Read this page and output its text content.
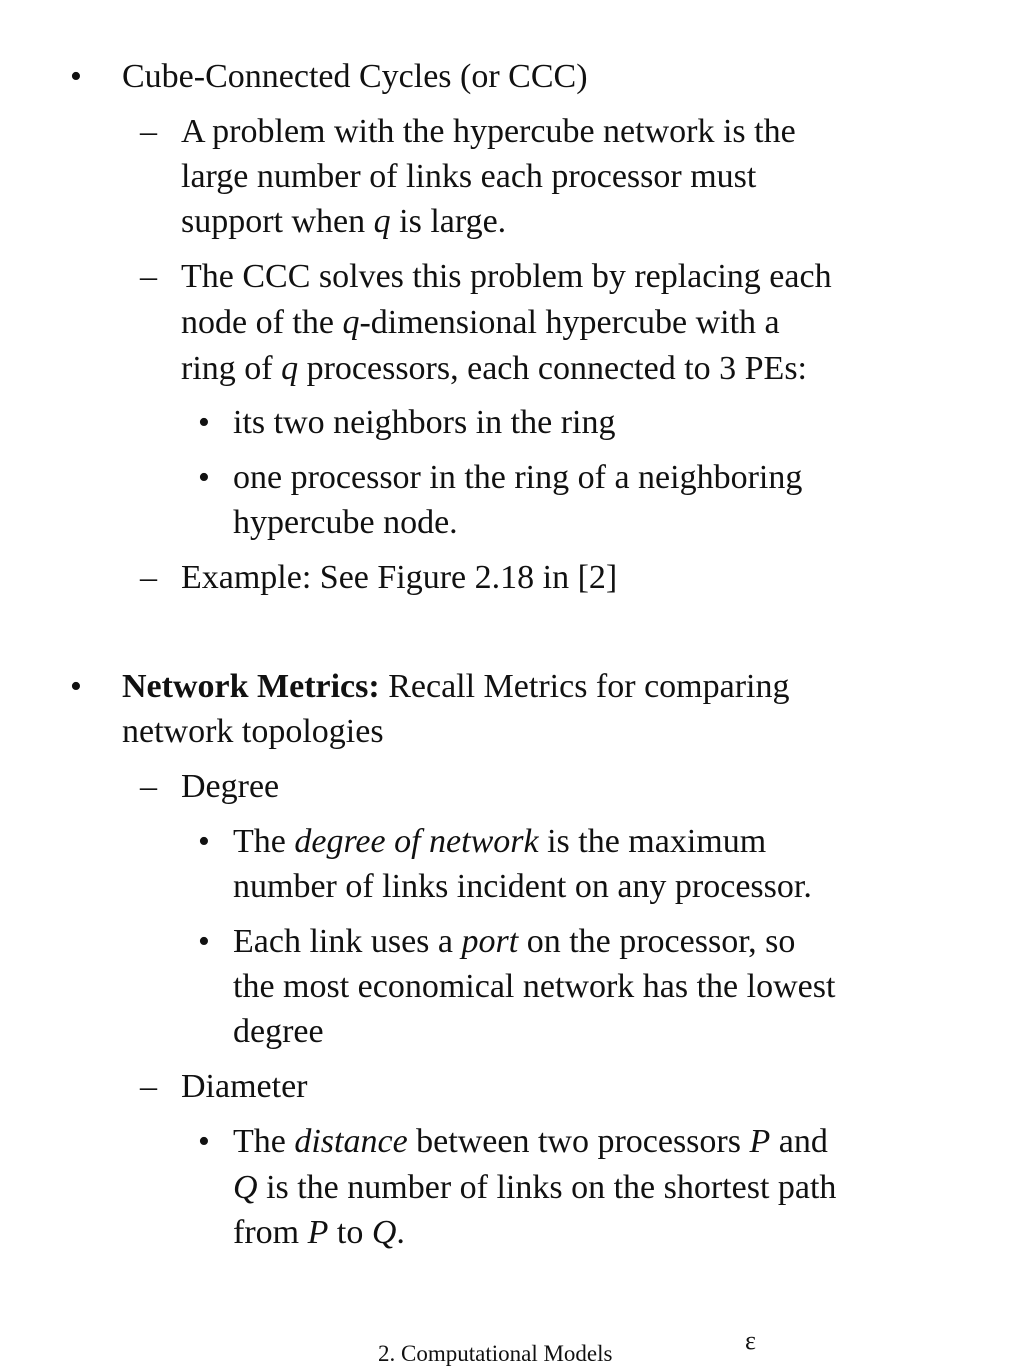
• Cube-Connected Cycles (or CCC)
– A problem with the hypercube network is the
large number of links each processor must
support when q is large.
– The CCC solves this problem by replacing each
node of the q-dimensional hypercube with a
ring of q processors, each connected to 3 PEs:
• its two neighbors in the ring
• one processor in the ring of a neighboring
hypercube node.
– Example: See Figure 2.18 in [2]
• Network Metrics: Recall Metrics for comparing
network topologies
– Degree
• The degree of network is the maximum
number of links incident on any processor.
• Each link uses a port on the processor, so
the most economical network has the lowest
degree
– Diameter
• The distance between two processors P and
Q is the number of links on the shortest path
from P to Q.
2. Computational Models	ε
